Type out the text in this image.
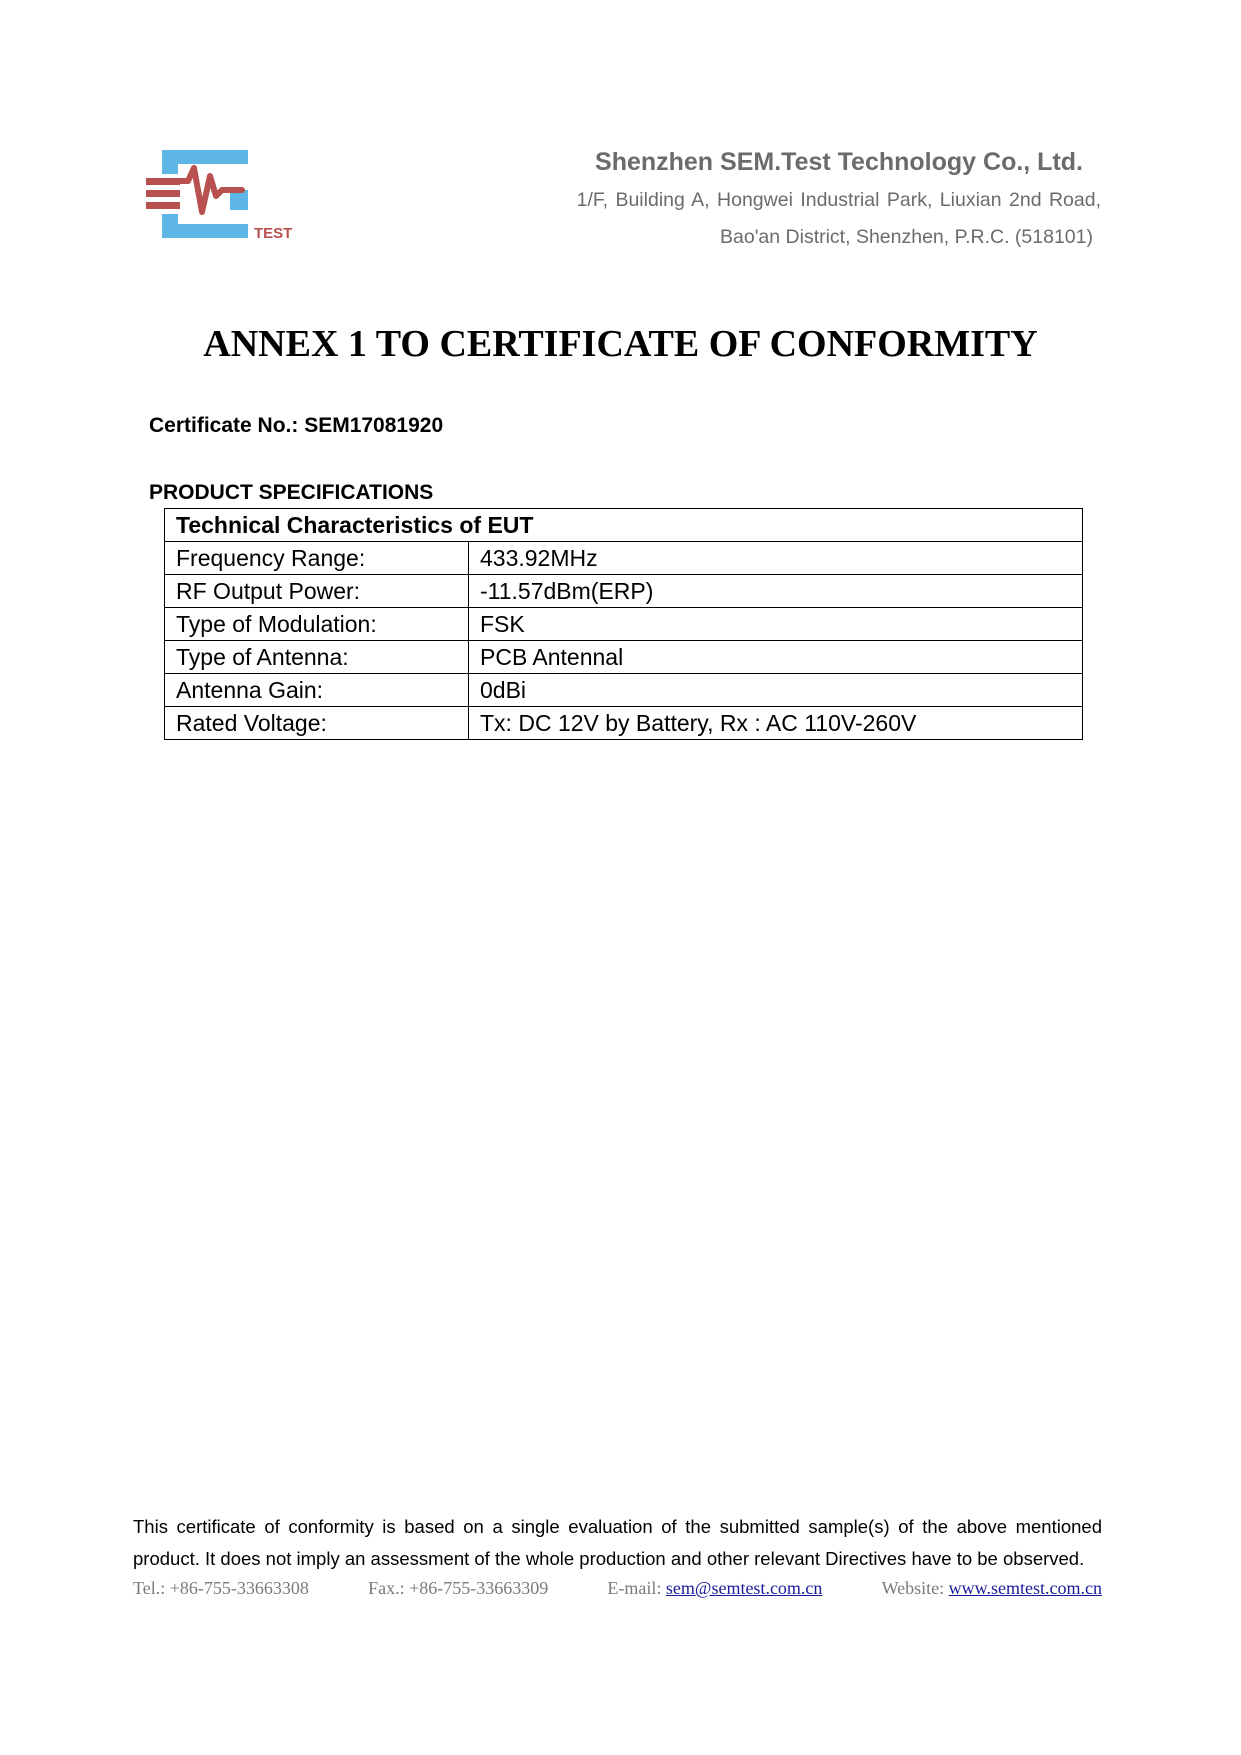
TEST
Shenzhen SEM.Test Technology Co., Ltd.
1/F, Building A, Hongwei Industrial Park, Liuxian 2nd Road,
Bao'an District, Shenzhen, P.R.C. (518101)
ANNEX 1 TO CERTIFICATE OF CONFORMITY
Certificate No.: SEM17081920
PRODUCT SPECIFICATIONS
Technical Characteristics of EUT	
Frequency Range:	433.92MHz
RF Output Power:	-11.57dBm(ERP)
Type of Modulation:	FSK
Type of Antenna:	PCB Antennal
Antenna Gain:	0dBi
Rated Voltage:	Tx: DC 12V by Battery, Rx : AC 110V-260V
This certificate of conformity is based on a single evaluation of the submitted sample(s) of the above mentioned product. It does not imply an assessment of the whole production and other relevant Directives have to be observed.
Tel.: +86-755-33663308	Fax.: +86-755-33663309	E-mail: sem@semtest.com.cn	Website: www.semtest.com.cn
